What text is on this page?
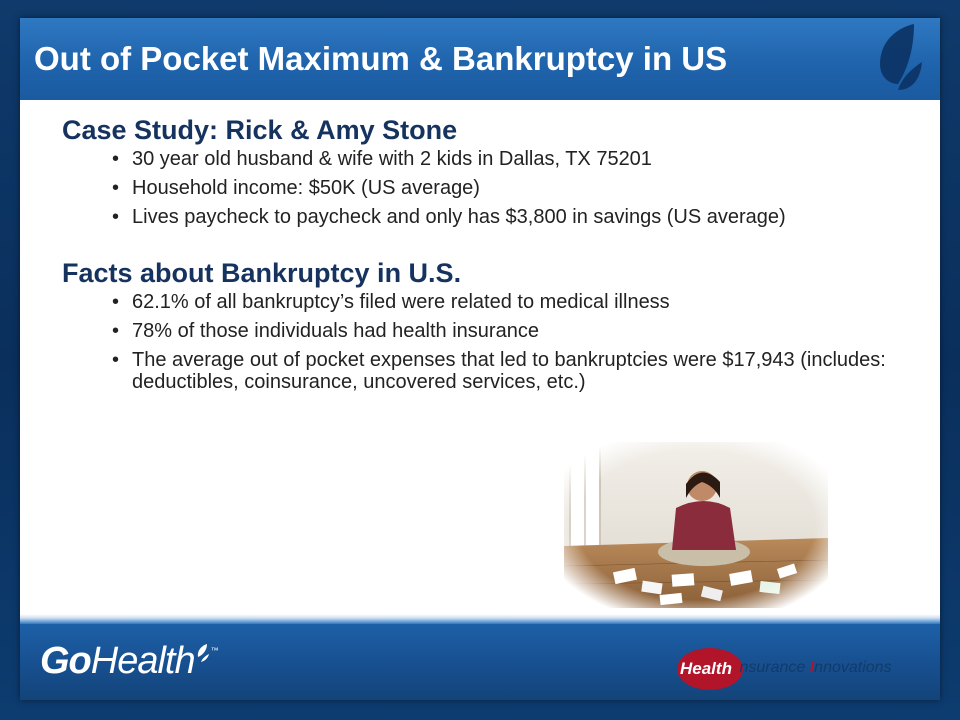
Out of Pocket Maximum & Bankruptcy in US
Case Study: Rick & Amy Stone
• 30 year old husband & wife with 2 kids in Dallas, TX 75201
• Household income: $50K (US average)
• Lives paycheck to paycheck and only has $3,800 in savings (US average)
Facts about Bankruptcy in U.S.
• 62.1% of all bankruptcy’s filed were related to medical illness
• 78% of those individuals had health insurance
• The average out of pocket expenses that led to bankruptcies were $17,943 (includes: deductibles, coinsurance, uncovered services, etc.)
GoHealth ™
Health Insurance Innovations
